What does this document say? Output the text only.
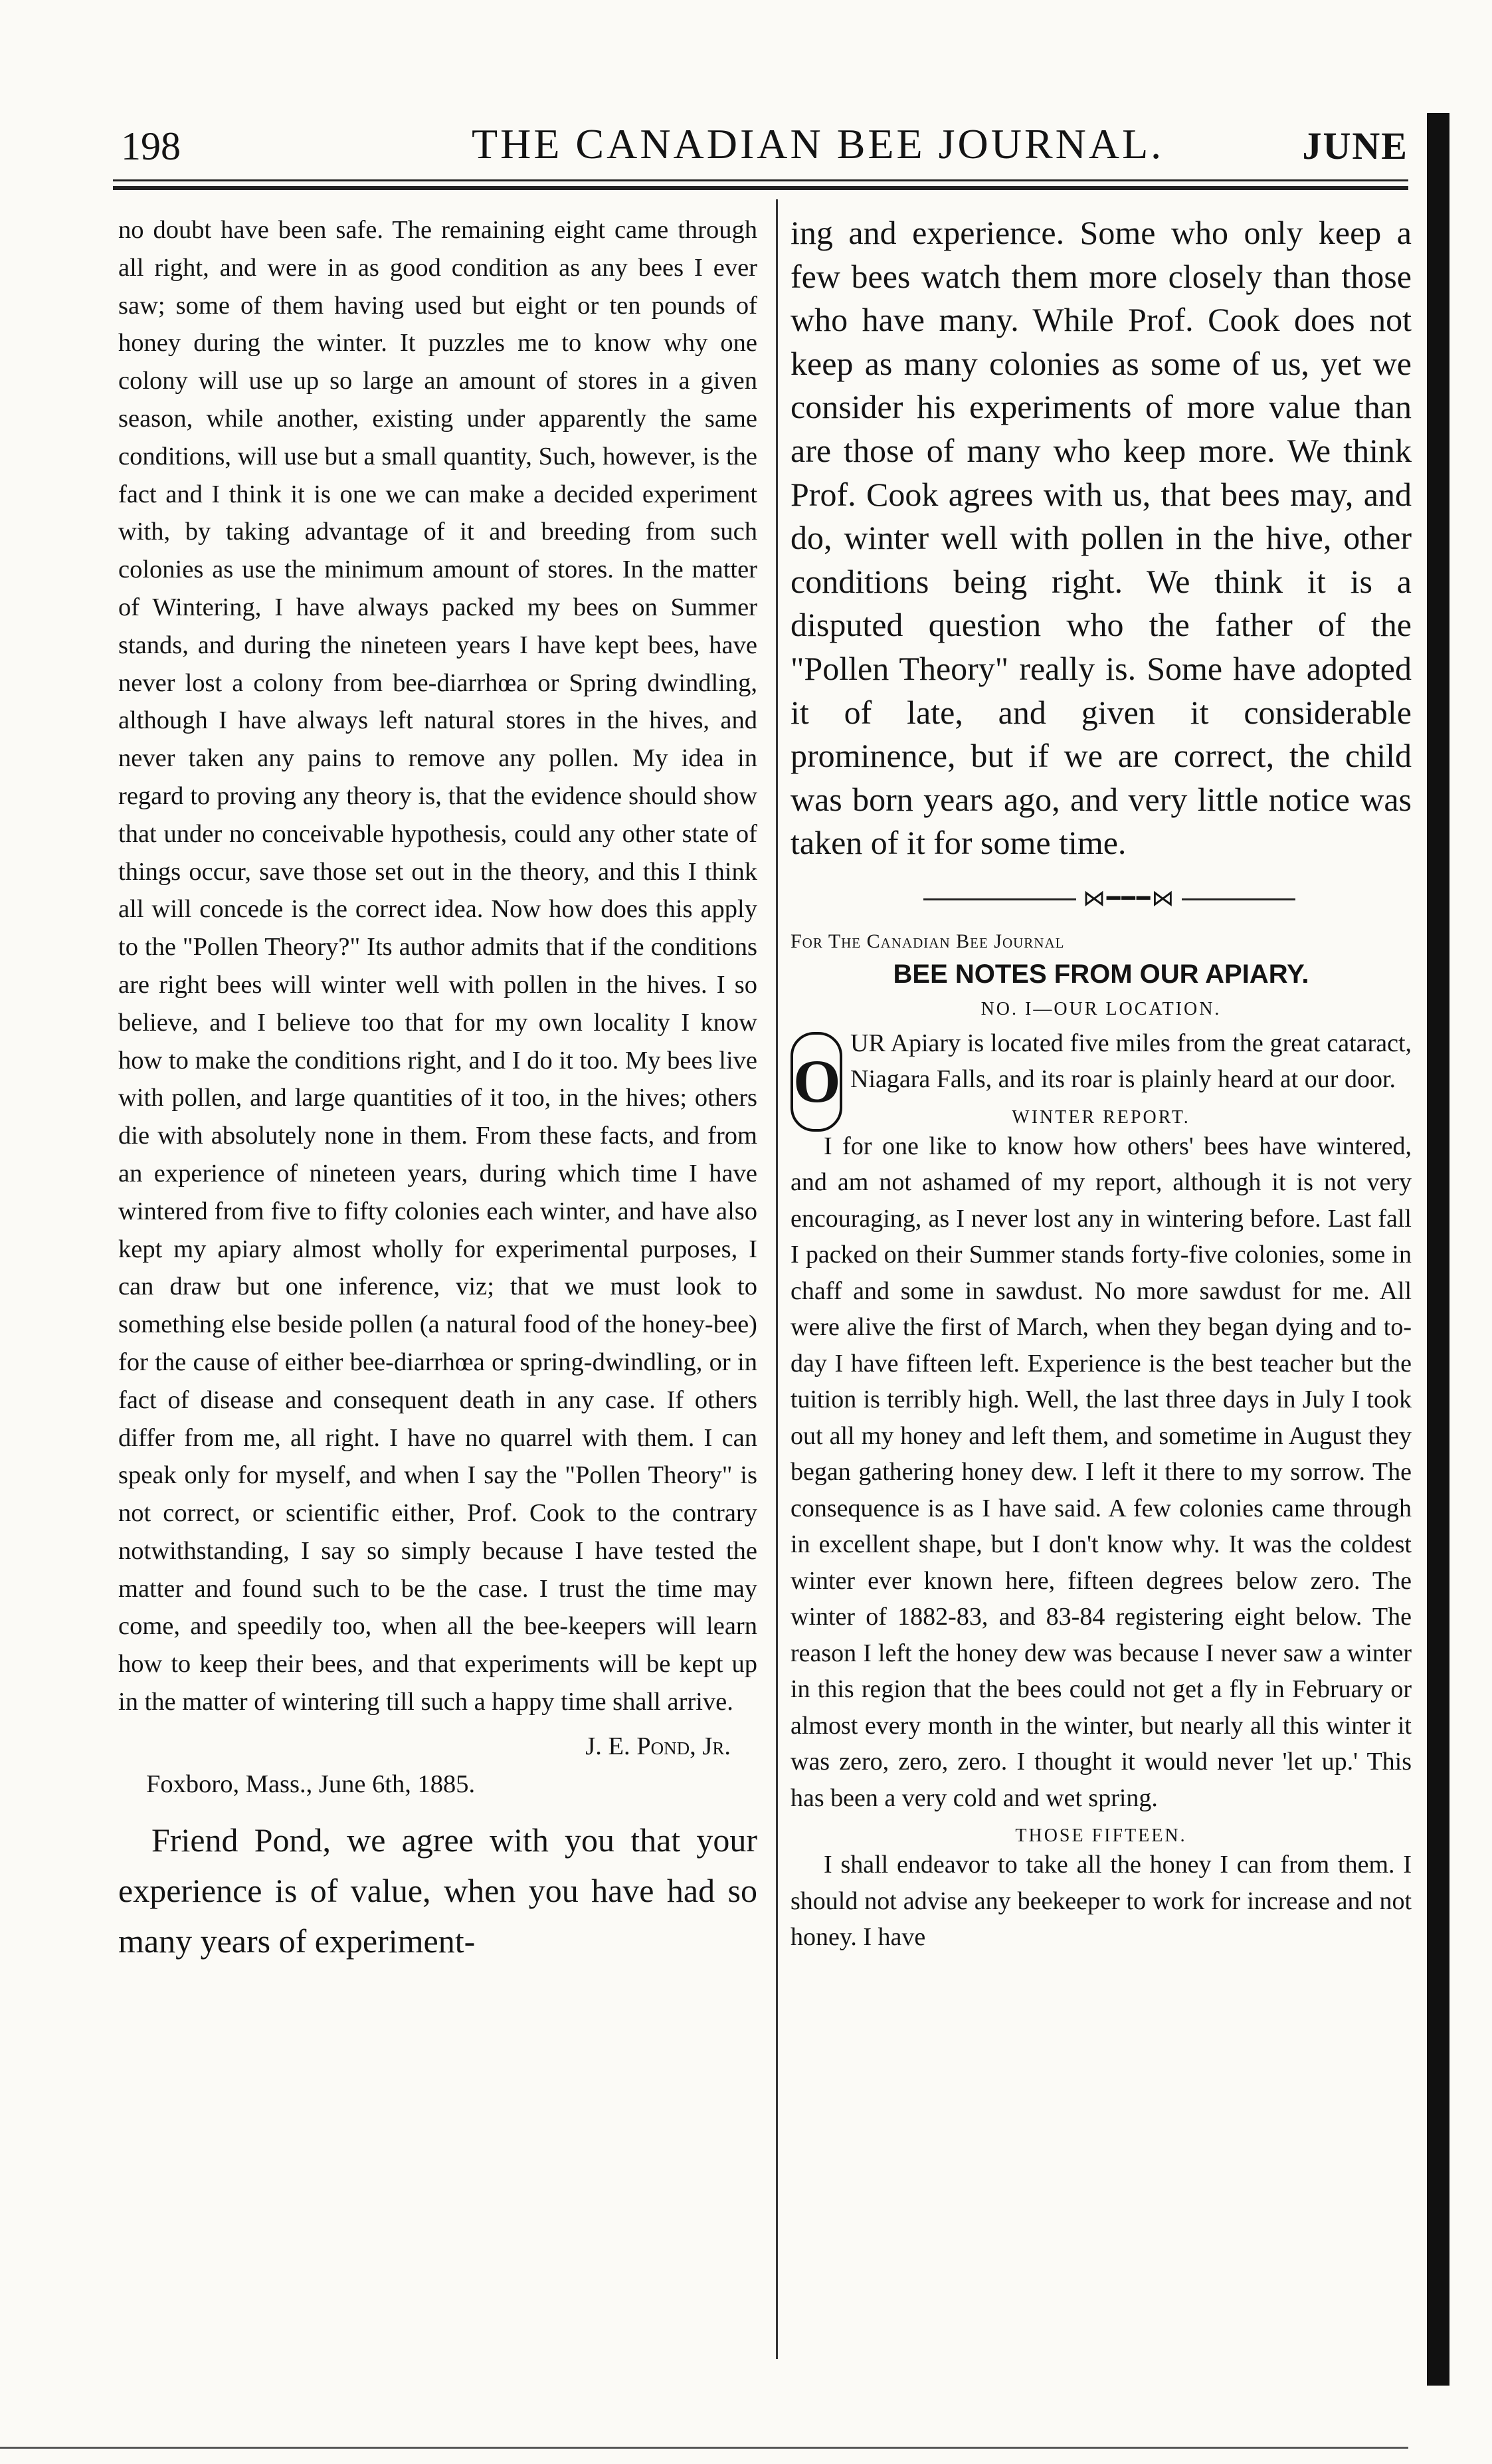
198	THE CANADIAN BEE JOURNAL.	JUNE

no doubt have been safe. The remaining eight came through all right, and were in as good condition as any bees I ever saw; some of them having used but eight or ten pounds of honey during the winter. It puzzles me to know why one colony will use up so large an amount of stores in a given season, while another, existing under apparently the same conditions, will use but a small quantity, Such, however, is the fact and I think it is one we can make a decided experiment with, by taking advantage of it and breeding from such colonies as use the minimum amount of stores. In the matter of Wintering, I have always packed my bees on Summer stands, and during the nineteen years I have kept bees, have never lost a colony from bee-diarrhœa or Spring dwindling, although I have always left natural stores in the hives, and never taken any pains to remove any pollen. My idea in regard to proving any theory is, that the evidence should show that under no conceivable hypothesis, could any other state of things occur, save those set out in the theory, and this I think all will concede is the correct idea. Now how does this apply to the "Pollen Theory?" Its author admits that if the conditions are right bees will winter well with pollen in the hives. I so believe, and I believe too that for my own locality I know how to make the conditions right, and I do it too. My bees live with pollen, and large quantities of it too, in the hives; others die with absolutely none in them. From these facts, and from an experience of nineteen years, during which time I have wintered from five to fifty colonies each winter, and have also kept my apiary almost wholly for experimental purposes, I can draw but one inference, viz; that we must look to something else beside pollen (a natural food of the honey-bee) for the cause of either bee-diarrhœa or spring-dwindling, or in fact of disease and consequent death in any case. If others differ from me, all right. I have no quarrel with them. I can speak only for myself, and when I say the "Pollen Theory" is not correct, or scientific either, Prof. Cook to the contrary notwithstanding, I say so simply because I have tested the matter and found such to be the case. I trust the time may come, and speedily too, when all the bee-keepers will learn how to keep their bees, and that experiments will be kept up in the matter of wintering till such a happy time shall arrive.

J. E. Pond, Jr.

Foxboro, Mass., June 6th, 1885.

Friend Pond, we agree with you that your experience is of value, when you have had so many years of experiment-

ing and experience. Some who only keep a few bees watch them more closely than those who have many. While Prof. Cook does not keep as many colonies as some of us, yet we consider his experiments of more value than are those of many who keep more. We think Prof. Cook agrees with us, that bees may, and do, winter well with pollen in the hive, other conditions being right. We think it is a disputed question who the father of the "Pollen Theory" really is. Some have adopted it of late, and given it considerable prominence, but if we are correct, the child was born years ago, and very little notice was taken of it for some time.

⋈━━━⋈

For The Canadian Bee Journal

BEE NOTES FROM OUR APIARY.

NO. I—OUR LOCATION.

O

UR Apiary is located five miles from the great cataract, Niagara Falls, and its roar is plainly heard at our door.

WINTER REPORT.

I for one like to know how others' bees have wintered, and am not ashamed of my report, although it is not very encouraging, as I never lost any in wintering before. Last fall I packed on their Summer stands forty-five colonies, some in chaff and some in sawdust. No more sawdust for me. All were alive the first of March, when they began dying and to-day I have fifteen left. Experience is the best teacher but the tuition is terribly high. Well, the last three days in July I took out all my honey and left them, and sometime in August they began gathering honey dew. I left it there to my sorrow. The consequence is as I have said. A few colonies came through in excellent shape, but I don't know why. It was the coldest winter ever known here, fifteen degrees below zero. The winter of 1882-83, and 83-84 registering eight below. The reason I left the honey dew was because I never saw a winter in this region that the bees could not get a fly in February or almost every month in the winter, but nearly all this winter it was zero, zero, zero. I thought it would never 'let up.' This has been a very cold and wet spring.

THOSE FIFTEEN.

I shall endeavor to take all the honey I can from them. I should not advise any beekeeper to work for increase and not honey. I have
